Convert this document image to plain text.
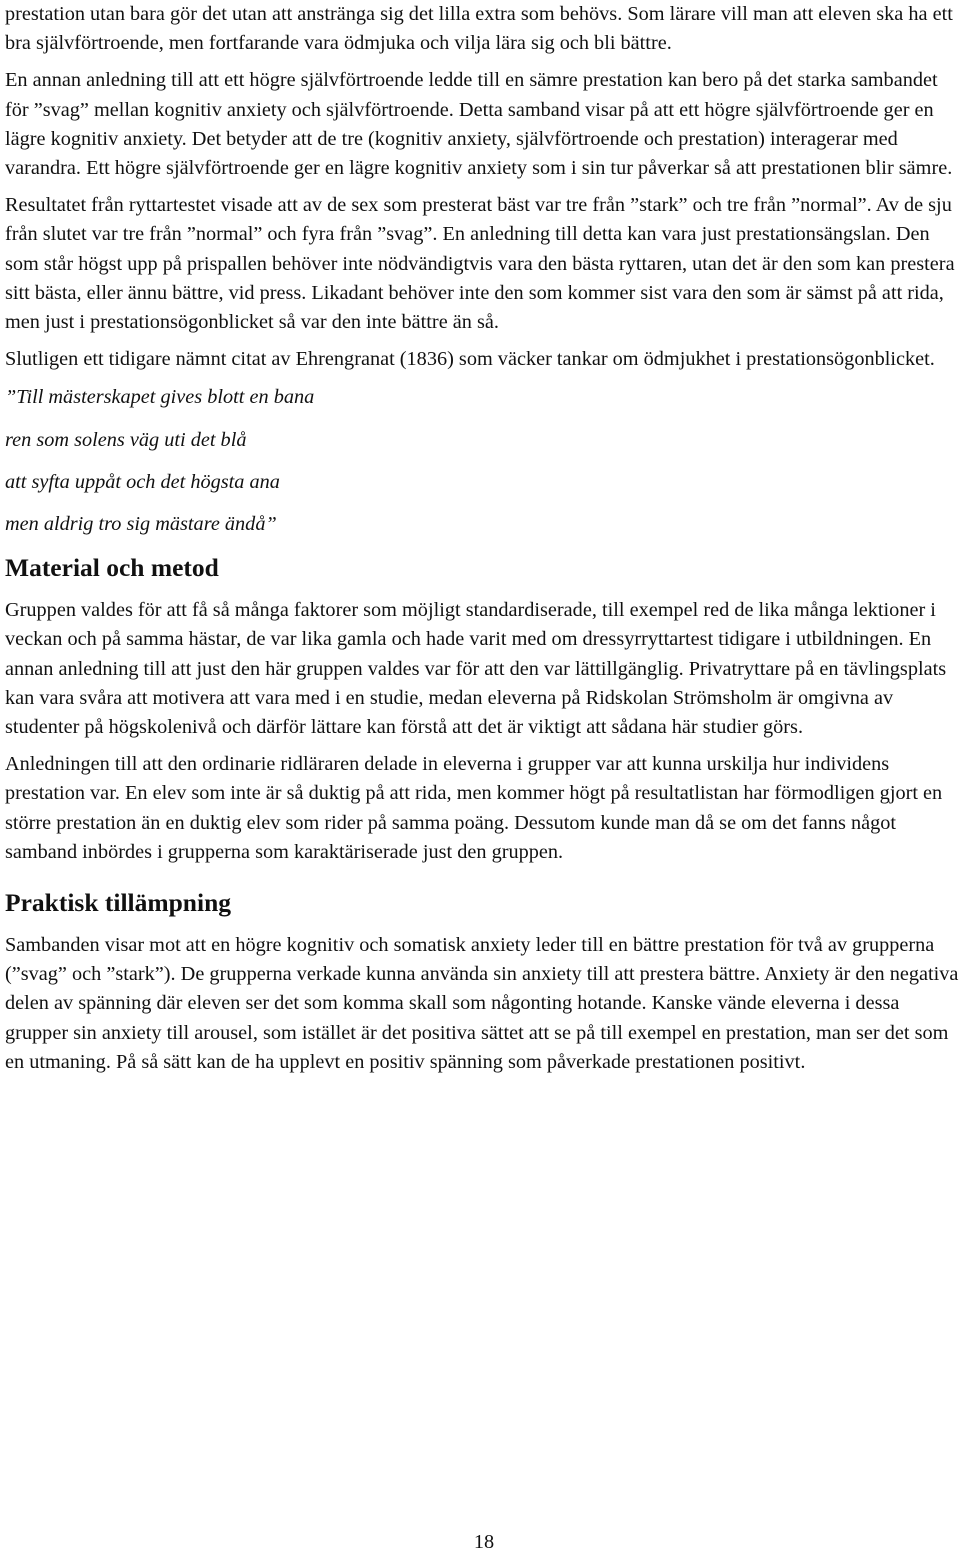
prestation utan bara gör det utan att anstränga sig det lilla extra som behövs. Som lärare vill man att eleven ska ha ett bra självförtroende, men fortfarande vara ödmjuka och vilja lära sig och bli bättre.

En annan anledning till att ett högre självförtroende ledde till en sämre prestation kan bero på det starka sambandet för ”svag” mellan kognitiv anxiety och självförtroende. Detta samband visar på att ett högre självförtroende ger en lägre kognitiv anxiety. Det betyder att de tre (kognitiv anxiety, självförtroende och prestation) interagerar med varandra. Ett högre självförtroende ger en lägre kognitiv anxiety som i sin tur påverkar så att prestationen blir sämre.

Resultatet från ryttartestet visade att av de sex som presterat bäst var tre från ”stark” och tre från ”normal”. Av de sju från slutet var tre från ”normal” och fyra från ”svag”. En anledning till detta kan vara just prestationsängslan. Den som står högst upp på prispallen behöver inte nödvändigtvis vara den bästa ryttaren, utan det är den som kan prestera sitt bästa, eller ännu bättre, vid press. Likadant behöver inte den som kommer sist vara den som är sämst på att rida, men just i prestationsögonblicket så var den inte bättre än så.

Slutligen ett tidigare nämnt citat av Ehrengranat (1836) som väcker tankar om ödmjukhet i prestationsögonblicket.

”Till mästerskapet gives blott en bana

ren som solens väg uti det blå

att syfta uppåt och det högsta ana

men aldrig tro sig mästare ändå”

Material och metod

Gruppen valdes för att få så många faktorer som möjligt standardiserade, till exempel red de lika många lektioner i veckan och på samma hästar, de var lika gamla och hade varit med om dressyrryttartest tidigare i utbildningen. En annan anledning till att just den här gruppen valdes var för att den var lättillgänglig. Privatryttare på en tävlingsplats kan vara svåra att motivera att vara med i en studie, medan eleverna på Ridskolan Strömsholm är omgivna av studenter på högskolenivå och därför lättare kan förstå att det är viktigt att sådana här studier görs.

Anledningen till att den ordinarie ridläraren delade in eleverna i grupper var att kunna urskilja hur individens prestation var. En elev som inte är så duktig på att rida, men kommer högt på resultatlistan har förmodligen gjort en större prestation än en duktig elev som rider på samma poäng. Dessutom kunde man då se om det fanns något samband inbördes i grupperna som karaktäriserade just den gruppen.

Praktisk tillämpning

Sambanden visar mot att en högre kognitiv och somatisk anxiety leder till en bättre prestation för två av grupperna (”svag” och ”stark”). De grupperna verkade kunna använda sin anxiety till att prestera bättre. Anxiety är den negativa delen av spänning där eleven ser det som komma skall som någonting hotande. Kanske vände eleverna i dessa grupper sin anxiety till arousel, som istället är det positiva sättet att se på till exempel en prestation, man ser det som en utmaning. På så sätt kan de ha upplevt en positiv spänning som påverkade prestationen positivt.

18
